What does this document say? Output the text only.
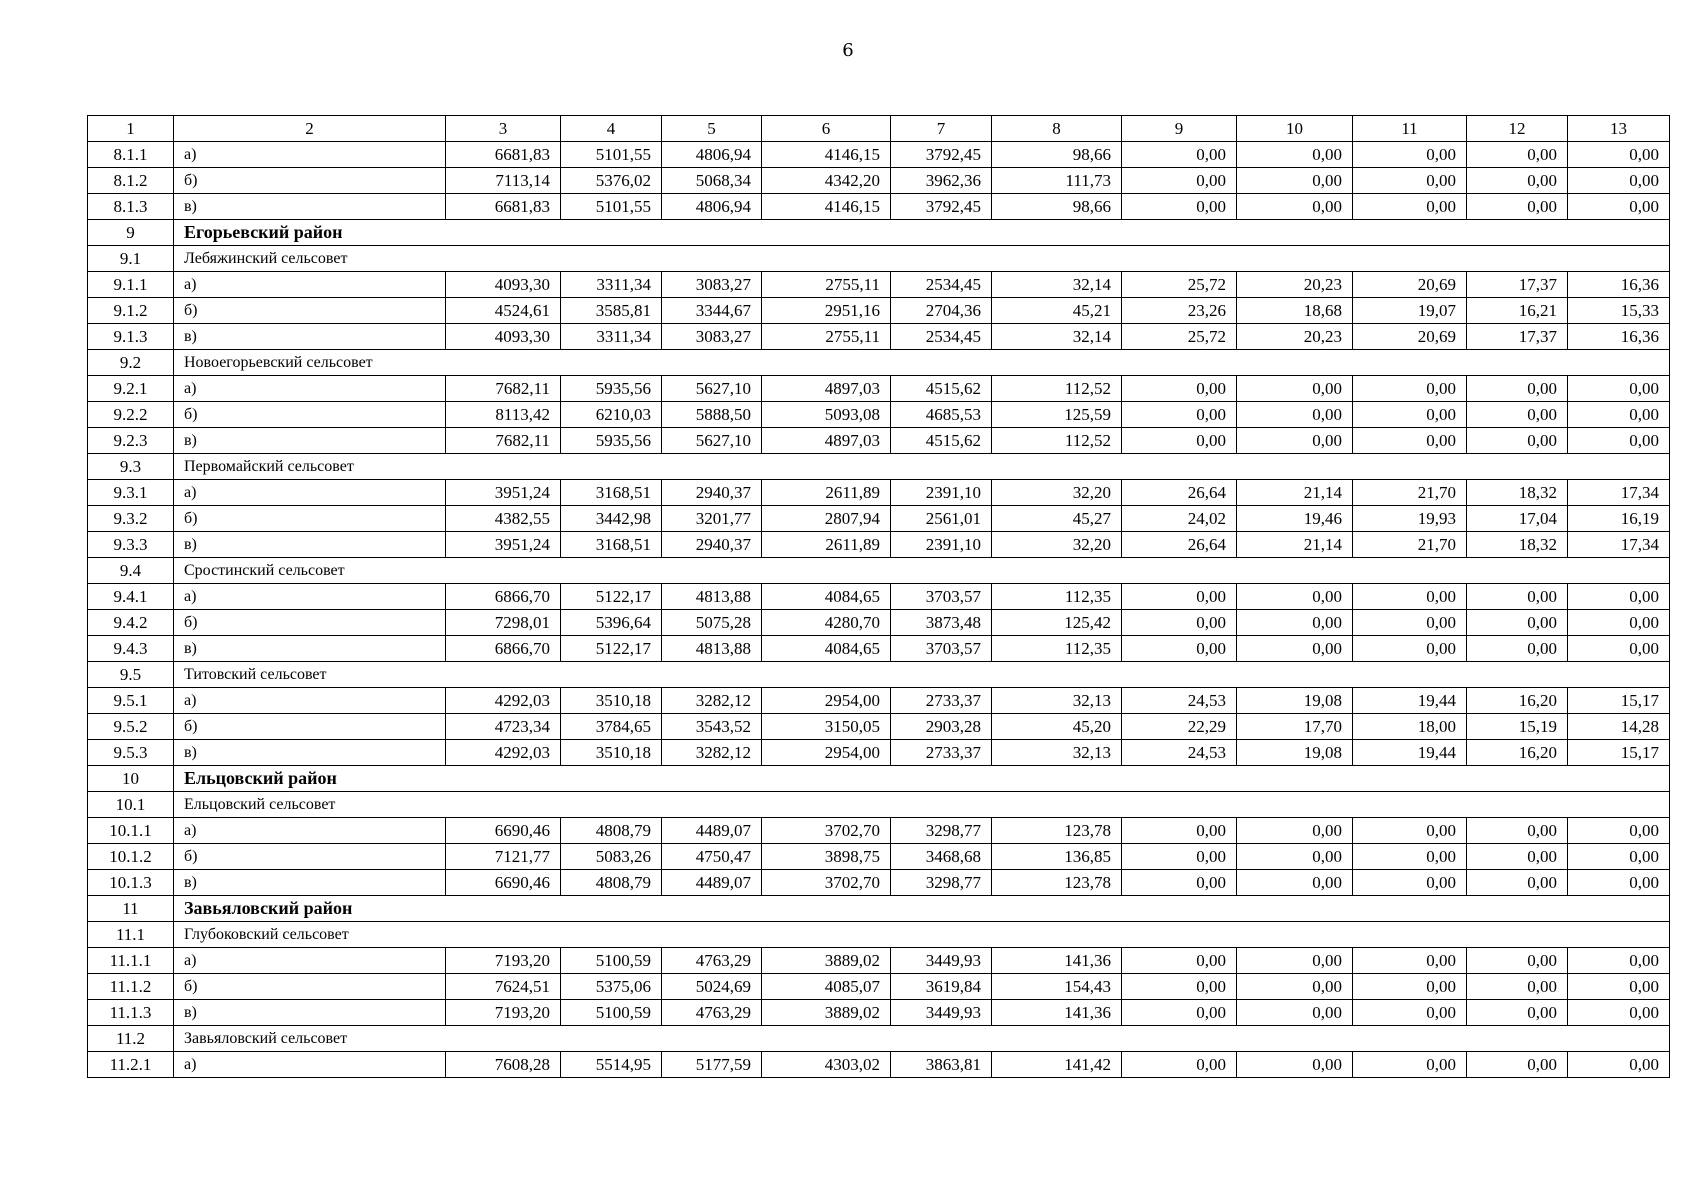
6
1	2	3	4	5	6	7	8	9	10	11	12	13
8.1.1	а)	6681,83	5101,55	4806,94	4146,15	3792,45	98,66	0,00	0,00	0,00	0,00	0,00
8.1.2	б)	7113,14	5376,02	5068,34	4342,20	3962,36	111,73	0,00	0,00	0,00	0,00	0,00
8.1.3	в)	6681,83	5101,55	4806,94	4146,15	3792,45	98,66	0,00	0,00	0,00	0,00	0,00
9	Егорьевский район											
9.1	Лебяжинский сельсовет											
9.1.1	а)	4093,30	3311,34	3083,27	2755,11	2534,45	32,14	25,72	20,23	20,69	17,37	16,36
9.1.2	б)	4524,61	3585,81	3344,67	2951,16	2704,36	45,21	23,26	18,68	19,07	16,21	15,33
9.1.3	в)	4093,30	3311,34	3083,27	2755,11	2534,45	32,14	25,72	20,23	20,69	17,37	16,36
9.2	Новоегорьевский сельсовет											
9.2.1	а)	7682,11	5935,56	5627,10	4897,03	4515,62	112,52	0,00	0,00	0,00	0,00	0,00
9.2.2	б)	8113,42	6210,03	5888,50	5093,08	4685,53	125,59	0,00	0,00	0,00	0,00	0,00
9.2.3	в)	7682,11	5935,56	5627,10	4897,03	4515,62	112,52	0,00	0,00	0,00	0,00	0,00
9.3	Первомайский сельсовет											
9.3.1	а)	3951,24	3168,51	2940,37	2611,89	2391,10	32,20	26,64	21,14	21,70	18,32	17,34
9.3.2	б)	4382,55	3442,98	3201,77	2807,94	2561,01	45,27	24,02	19,46	19,93	17,04	16,19
9.3.3	в)	3951,24	3168,51	2940,37	2611,89	2391,10	32,20	26,64	21,14	21,70	18,32	17,34
9.4	Сростинский сельсовет											
9.4.1	а)	6866,70	5122,17	4813,88	4084,65	3703,57	112,35	0,00	0,00	0,00	0,00	0,00
9.4.2	б)	7298,01	5396,64	5075,28	4280,70	3873,48	125,42	0,00	0,00	0,00	0,00	0,00
9.4.3	в)	6866,70	5122,17	4813,88	4084,65	3703,57	112,35	0,00	0,00	0,00	0,00	0,00
9.5	Титовский сельсовет											
9.5.1	а)	4292,03	3510,18	3282,12	2954,00	2733,37	32,13	24,53	19,08	19,44	16,20	15,17
9.5.2	б)	4723,34	3784,65	3543,52	3150,05	2903,28	45,20	22,29	17,70	18,00	15,19	14,28
9.5.3	в)	4292,03	3510,18	3282,12	2954,00	2733,37	32,13	24,53	19,08	19,44	16,20	15,17
10	Ельцовский район											
10.1	Ельцовский сельсовет											
10.1.1	а)	6690,46	4808,79	4489,07	3702,70	3298,77	123,78	0,00	0,00	0,00	0,00	0,00
10.1.2	б)	7121,77	5083,26	4750,47	3898,75	3468,68	136,85	0,00	0,00	0,00	0,00	0,00
10.1.3	в)	6690,46	4808,79	4489,07	3702,70	3298,77	123,78	0,00	0,00	0,00	0,00	0,00
11	Завьяловский район											
11.1	Глубоковский сельсовет											
11.1.1	а)	7193,20	5100,59	4763,29	3889,02	3449,93	141,36	0,00	0,00	0,00	0,00	0,00
11.1.2	б)	7624,51	5375,06	5024,69	4085,07	3619,84	154,43	0,00	0,00	0,00	0,00	0,00
11.1.3	в)	7193,20	5100,59	4763,29	3889,02	3449,93	141,36	0,00	0,00	0,00	0,00	0,00
11.2	Завьяловский сельсовет											
11.2.1	а)	7608,28	5514,95	5177,59	4303,02	3863,81	141,42	0,00	0,00	0,00	0,00	0,00
